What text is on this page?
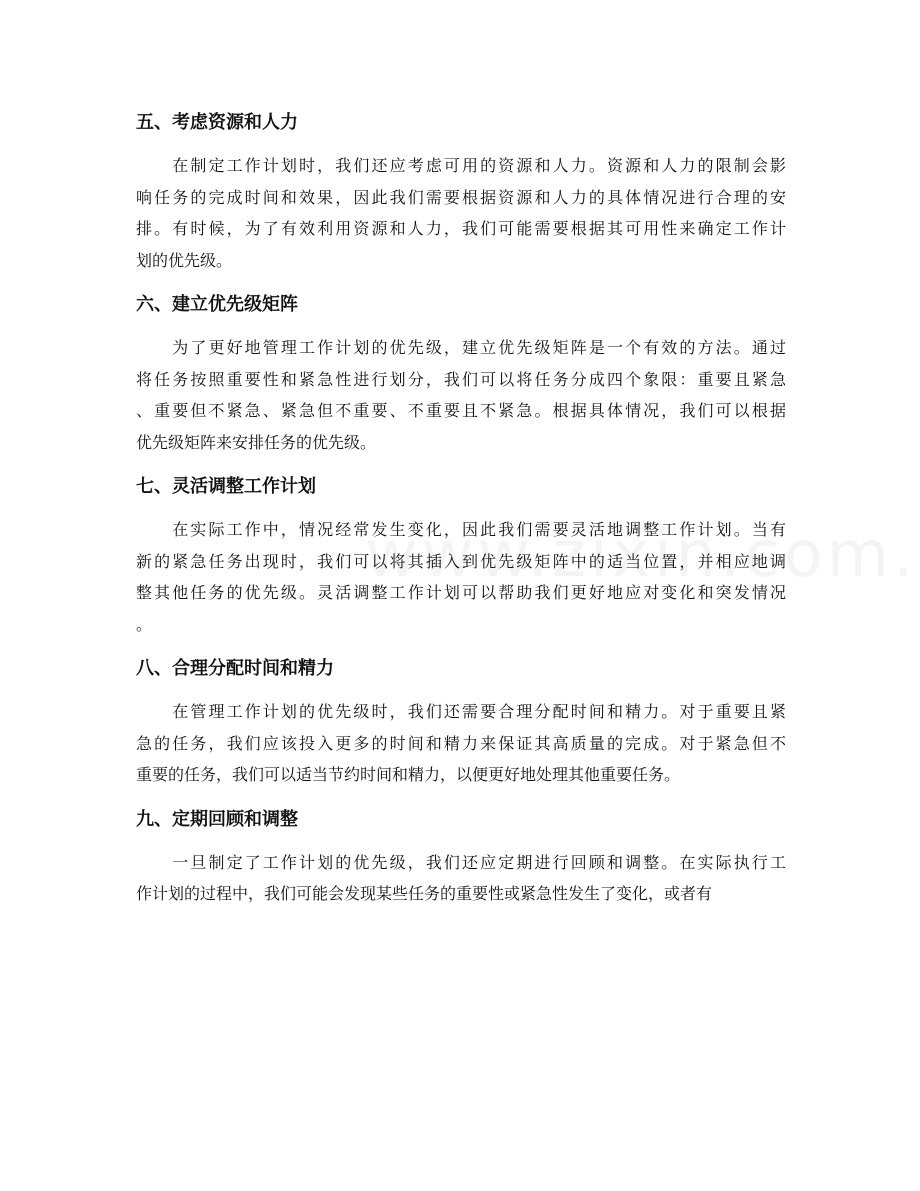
五、考虑资源和人力
　　在制定工作计划时，我们还应考虑可用的资源和人力。资源和人力的限制会影
响任务的完成时间和效果，因此我们需要根据资源和人力的具体情况进行合理的安
排。有时候，为了有效利用资源和人力，我们可能需要根据其可用性来确定工作计
划的优先级。
六、建立优先级矩阵
　　为了更好地管理工作计划的优先级，建立优先级矩阵是一个有效的方法。通过
将任务按照重要性和紧急性进行划分，我们可以将任务分成四个象限：重要且紧急
、重要但不紧急、紧急但不重要、不重要且不紧急。根据具体情况，我们可以根据
优先级矩阵来安排任务的优先级。
七、灵活调整工作计划
　　在实际工作中，情况经常发生变化，因此我们需要灵活地调整工作计划。当有
新的紧急任务出现时，我们可以将其插入到优先级矩阵中的适当位置，并相应地调
整其他任务的优先级。灵活调整工作计划可以帮助我们更好地应对变化和突发情况
。
八、合理分配时间和精力
　　在管理工作计划的优先级时，我们还需要合理分配时间和精力。对于重要且紧
急的任务，我们应该投入更多的时间和精力来保证其高质量的完成。对于紧急但不
重要的任务，我们可以适当节约时间和精力，以便更好地处理其他重要任务。
九、定期回顾和调整
　　一旦制定了工作计划的优先级，我们还应定期进行回顾和调整。在实际执行工
作计划的过程中，我们可能会发现某些任务的重要性或紧急性发生了变化，或者有
